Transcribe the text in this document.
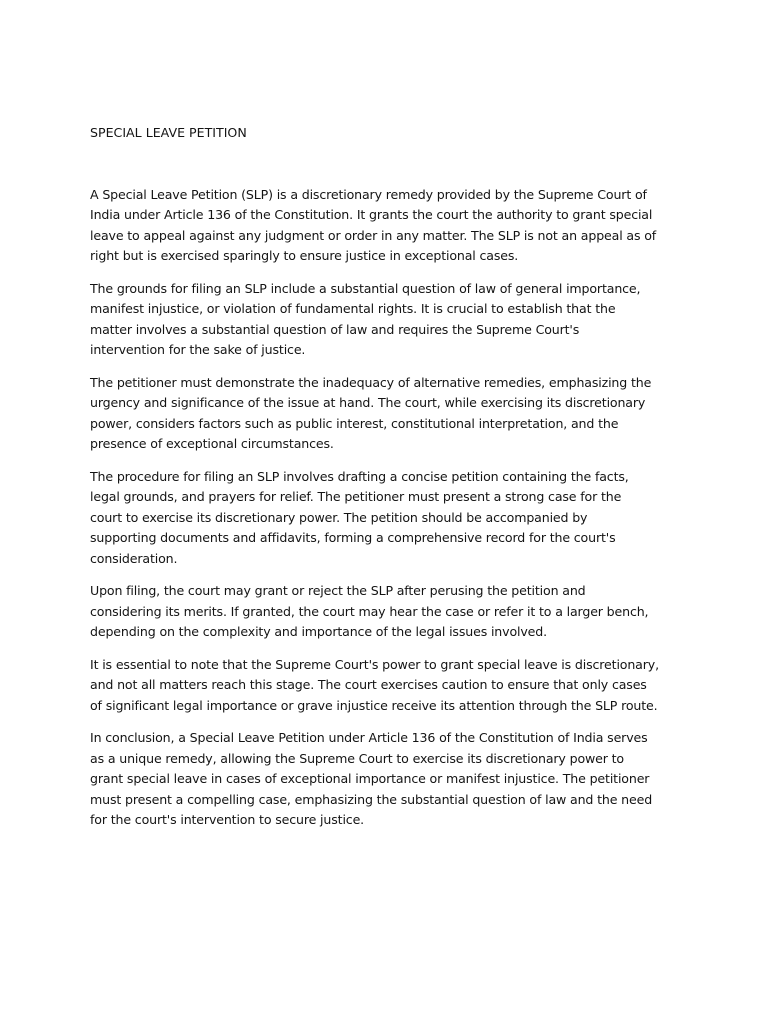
SPECIAL LEAVE PETITION
A Special Leave Petition (SLP) is a discretionary remedy provided by the Supreme Court of
India under Article 136 of the Constitution. It grants the court the authority to grant special
leave to appeal against any judgment or order in any matter. The SLP is not an appeal as of
right but is exercised sparingly to ensure justice in exceptional cases.
The grounds for filing an SLP include a substantial question of law of general importance,
manifest injustice, or violation of fundamental rights. It is crucial to establish that the
matter involves a substantial question of law and requires the Supreme Court's
intervention for the sake of justice.
The petitioner must demonstrate the inadequacy of alternative remedies, emphasizing the
urgency and significance of the issue at hand. The court, while exercising its discretionary
power, considers factors such as public interest, constitutional interpretation, and the
presence of exceptional circumstances.
The procedure for filing an SLP involves drafting a concise petition containing the facts,
legal grounds, and prayers for relief. The petitioner must present a strong case for the
court to exercise its discretionary power. The petition should be accompanied by
supporting documents and affidavits, forming a comprehensive record for the court's
consideration.
Upon filing, the court may grant or reject the SLP after perusing the petition and
considering its merits. If granted, the court may hear the case or refer it to a larger bench,
depending on the complexity and importance of the legal issues involved.
It is essential to note that the Supreme Court's power to grant special leave is discretionary,
and not all matters reach this stage. The court exercises caution to ensure that only cases
of significant legal importance or grave injustice receive its attention through the SLP route.
In conclusion, a Special Leave Petition under Article 136 of the Constitution of India serves
as a unique remedy, allowing the Supreme Court to exercise its discretionary power to
grant special leave in cases of exceptional importance or manifest injustice. The petitioner
must present a compelling case, emphasizing the substantial question of law and the need
for the court's intervention to secure justice.
